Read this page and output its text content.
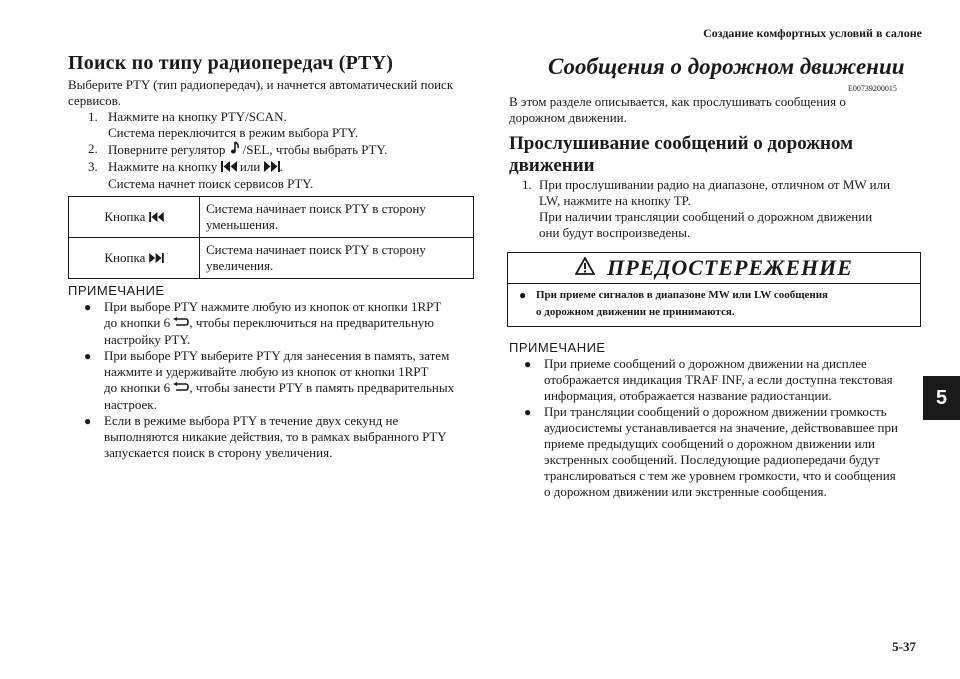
Создание комфортных условий в салоне
5
5-37
Поиск по типу радиопередач (PTY)
Выберите PTY (тип радиопередач), и начнется автоматический поиск
сервисов.
1. Нажмите на кнопку PTY/SCAN.
Система переключится в режим выбора PTY.
2. Поверните регулятор /SEL, чтобы выбрать PTY.
3. Нажмите на кнопку или .
Система начнет поиск сервисов PTY.
Кнопка	Система начинает поиск PTY в сторону
уменьшения.

Кнопка	Система начинает поиск PTY в сторону
увеличения.
ПРИМЕЧАНИЕ
● При выборе PTY нажмите любую из кнопок от кнопки 1RPT
до кнопки 6 , чтобы переключиться на предварительную
настройку PTY.
● При выборе PTY выберите PTY для занесения в память, затем
нажмите и удерживайте любую из кнопок от кнопки 1RPT
до кнопки 6 , чтобы занести PTY в память предварительных
настроек.
● Если в режиме выбора PTY в течение двух секунд не
выполняются никакие действия, то в рамках выбранного PTY
запускается поиск в сторону увеличения.
Сообщения о дорожном движении
E00739200015
В этом разделе описывается, как прослушивать сообщения о
дорожном движении.
Прослушивание сообщений о дорожном
движении
1. При прослушивании радио на диапазоне, отличном от MW или
LW, нажмите на кнопку TP.
При наличии трансляции сообщений о дорожном движении
они будут воспроизведены.
ПРЕДОСТЕРЕЖЕНИЕ
● При приеме сигналов в диапазоне MW или LW сообщения
о дорожном движении не принимаются.
ПРИМЕЧАНИЕ
● При приеме сообщений о дорожном движении на дисплее
отображается индикация TRAF INF, а если доступна текстовая
информация, отображается название радиостанции.
● При трансляции сообщений о дорожном движении громкость
аудиосистемы устанавливается на значение, действовавшее при
приеме предыдущих сообщений о дорожном движении или
экстренных сообщений. Последующие радиопередачи будут
транслироваться с тем же уровнем громкости, что и сообщения
о дорожном движении или экстренные сообщения.
